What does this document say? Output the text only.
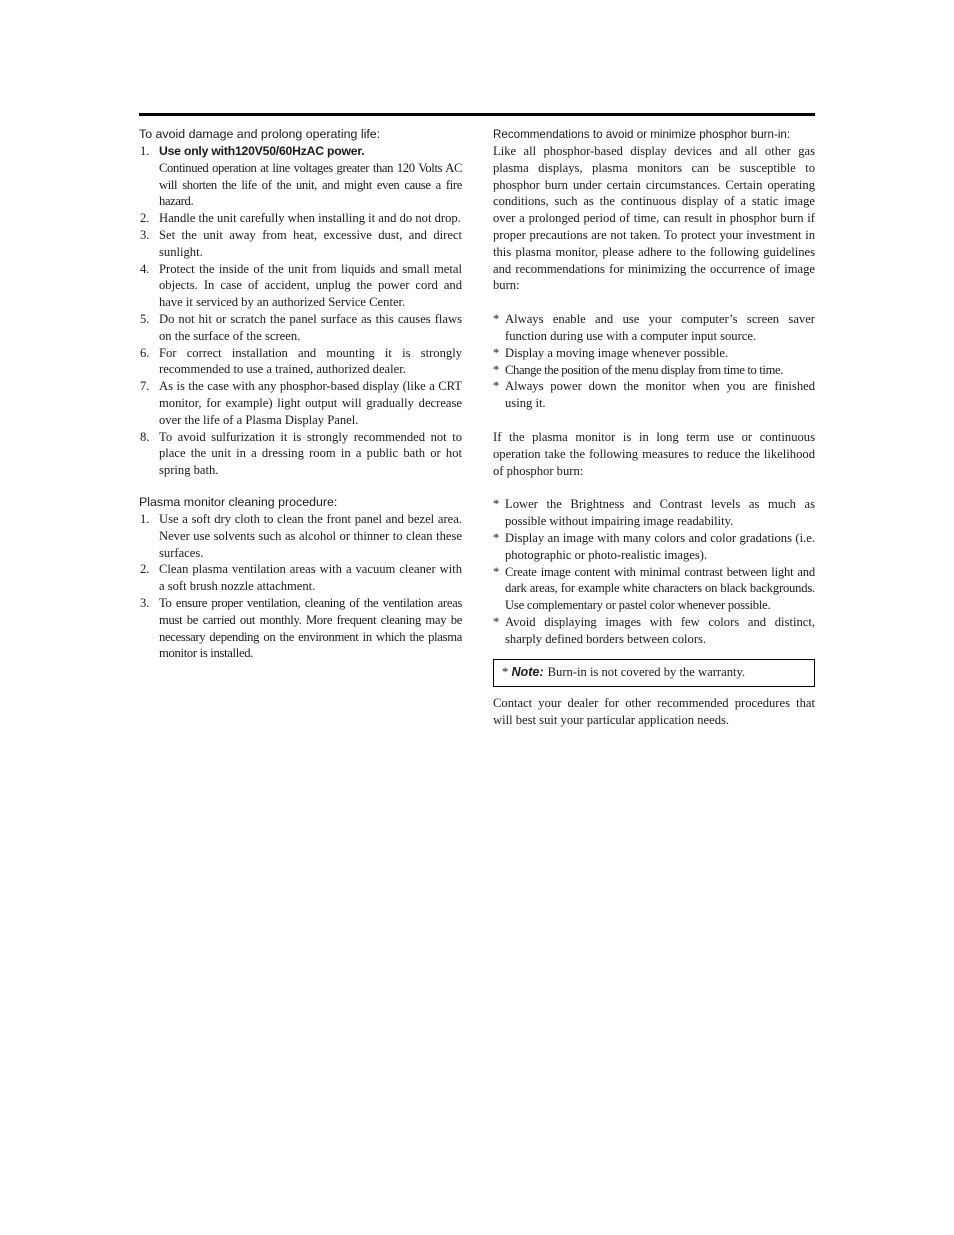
To avoid damage and prolong operating life:

1. Use only with120V50/60HzAC power.
Continued operation at line voltages greater than 120 Volts AC will shorten the life of the unit, and might even cause a fire hazard.
2. Handle the unit carefully when installing it and do not drop.
3. Set the unit away from heat, excessive dust, and direct sunlight.
4. Protect the inside of the unit from liquids and small metal objects. In case of accident, unplug the power cord and have it serviced by an authorized Service Center.
5. Do not hit or scratch the panel surface as this causes flaws on the surface of the screen.
6. For correct installation and mounting it is strongly recommended to use a trained, authorized dealer.
7. As is the case with any phosphor-based display (like a CRT monitor, for example) light output will gradually decrease over the life of a Plasma Display Panel.
8. To avoid sulfurization it is strongly recommended not to place the unit in a dressing room in a public bath or hot spring bath.

Plasma monitor cleaning procedure:

1. Use a soft dry cloth to clean the front panel and bezel area. Never use solvents such as alcohol or thinner to clean these surfaces.
2. Clean plasma ventilation areas with a vacuum cleaner with a soft brush nozzle attachment.
3. To ensure proper ventilation, cleaning of the ventilation areas must be carried out monthly. More frequent cleaning may be necessary depending on the environment in which the plasma monitor is installed.

Recommendations to avoid or minimize phosphor burn-in:

Like all phosphor-based display devices and all other gas plasma displays, plasma monitors can be susceptible to phosphor burn under certain circumstances. Certain operating conditions, such as the continuous display of a static image over a prolonged period of time, can result in phosphor burn if proper precautions are not taken. To protect your investment in this plasma monitor, please adhere to the following guidelines and recommendations for minimizing the occurrence of image burn:

* Always enable and use your computer’s screen saver function during use with a computer input source.
* Display a moving image whenever possible.
* Change the position of the menu display from time to time.
* Always power down the monitor when you are finished using it.

If the plasma monitor is in long term use or continuous operation take the following measures to reduce the likelihood of phosphor burn:

* Lower the Brightness and Contrast levels as much as possible without impairing image readability.
* Display an image with many colors and color gradations (i.e. photographic or photo-realistic images).
* Create image content with minimal contrast between light and dark areas, for example white characters on black backgrounds. Use complementary or pastel color whenever possible.
* Avoid displaying images with few colors and distinct, sharply defined borders between colors.
* Note: Burn-in is not covered by the warranty.

Contact your dealer for other recommended procedures that will best suit your particular application needs.
